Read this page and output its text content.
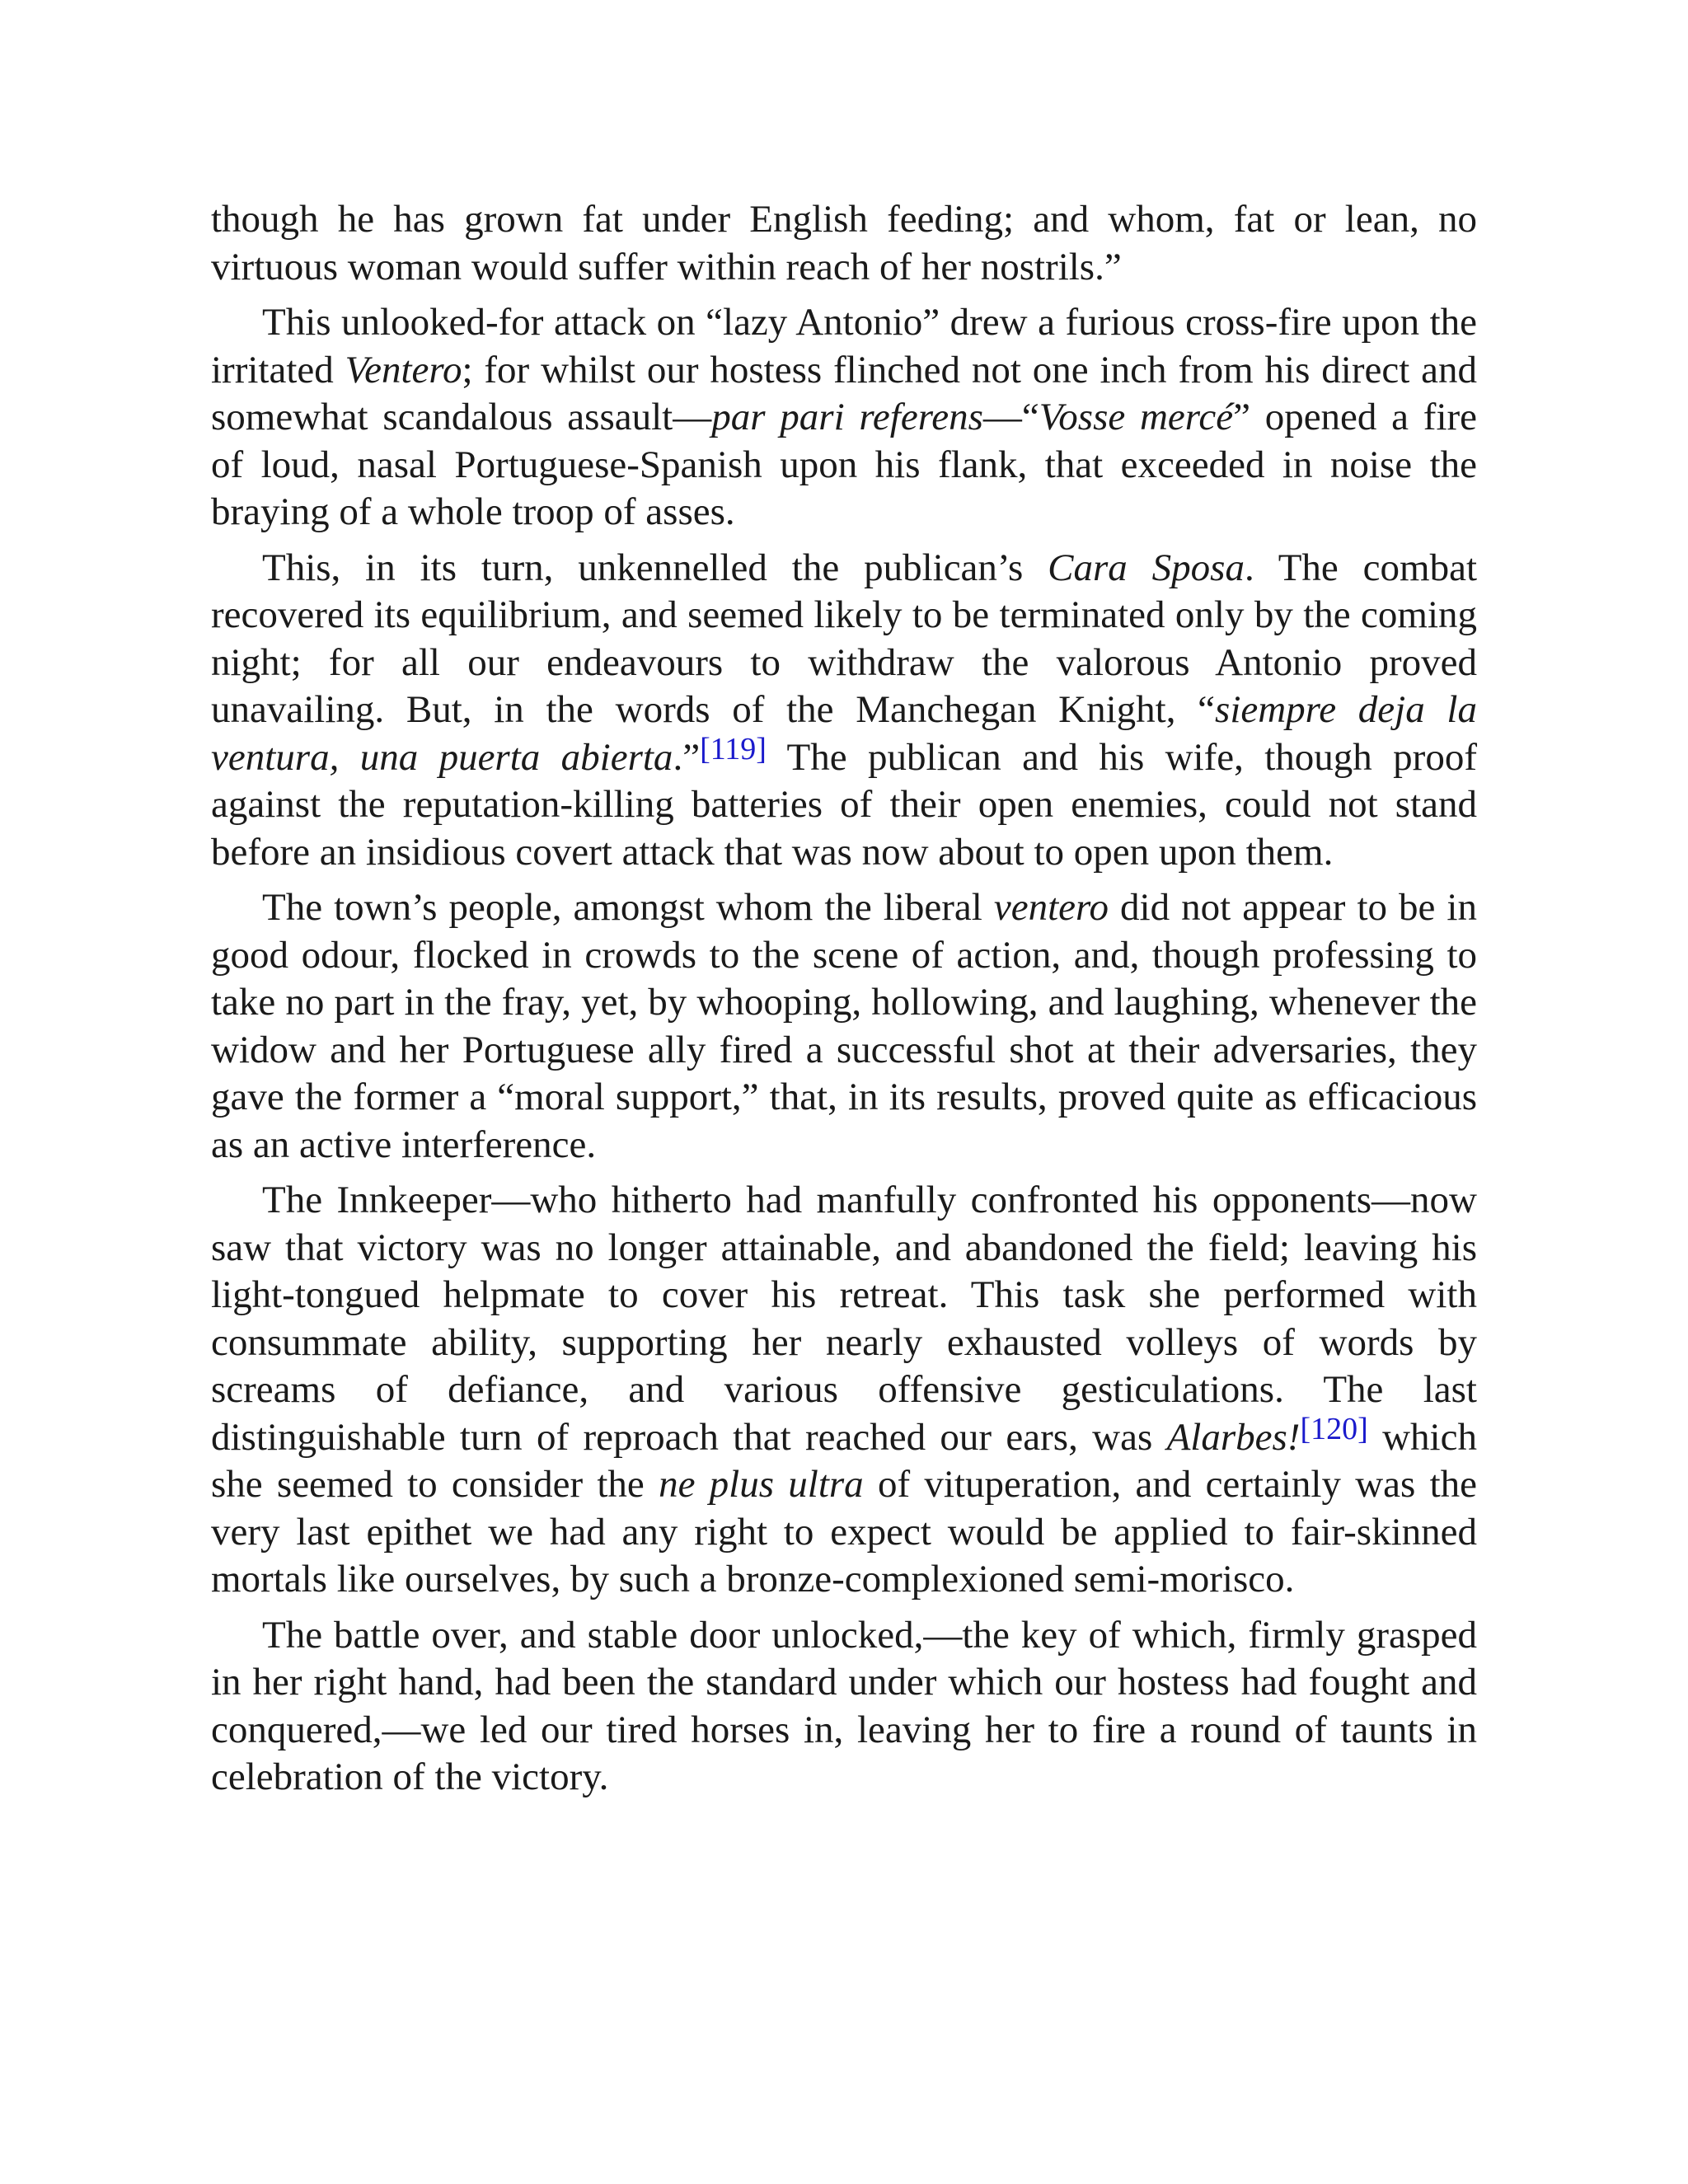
though he has grown fat under English feeding; and whom, fat or lean, no virtuous woman would suffer within reach of her nostrils.”

This unlooked-for attack on “lazy Antonio” drew a furious cross-fire upon the irritated Ventero; for whilst our hostess flinched not one inch from his direct and somewhat scandalous assault—par pari referens—“Vosse mercé” opened a fire of loud, nasal Portuguese-Spanish upon his flank, that exceeded in noise the braying of a whole troop of asses.

This, in its turn, unkennelled the publican’s Cara Sposa. The combat recovered its equilibrium, and seemed likely to be terminated only by the coming night; for all our endeavours to withdraw the valorous Antonio proved unavailing. But, in the words of the Manchegan Knight, “siempre deja la ventura, una puerta abierta.”[119] The publican and his wife, though proof against the reputation-killing batteries of their open enemies, could not stand before an insidious covert attack that was now about to open upon them.

The town’s people, amongst whom the liberal ventero did not appear to be in good odour, flocked in crowds to the scene of action, and, though professing to take no part in the fray, yet, by whooping, hollowing, and laughing, whenever the widow and her Portuguese ally fired a successful shot at their adversaries, they gave the former a “moral support,” that, in its results, proved quite as efficacious as an active interference.

The Innkeeper—who hitherto had manfully confronted his opponents—now saw that victory was no longer attainable, and abandoned the field; leaving his light-tongued helpmate to cover his retreat. This task she performed with consummate ability, supporting her nearly exhausted volleys of words by screams of defiance, and various offensive gesticulations. The last distinguishable turn of reproach that reached our ears, was Alarbes![120] which she seemed to consider the ne plus ultra of vituperation, and certainly was the very last epithet we had any right to expect would be applied to fair-skinned mortals like ourselves, by such a bronze-complexioned semi-morisco.

The battle over, and stable door unlocked,—the key of which, firmly grasped in her right hand, had been the standard under which our hostess had fought and conquered,—we led our tired horses in, leaving her to fire a round of taunts in celebration of the victory.
